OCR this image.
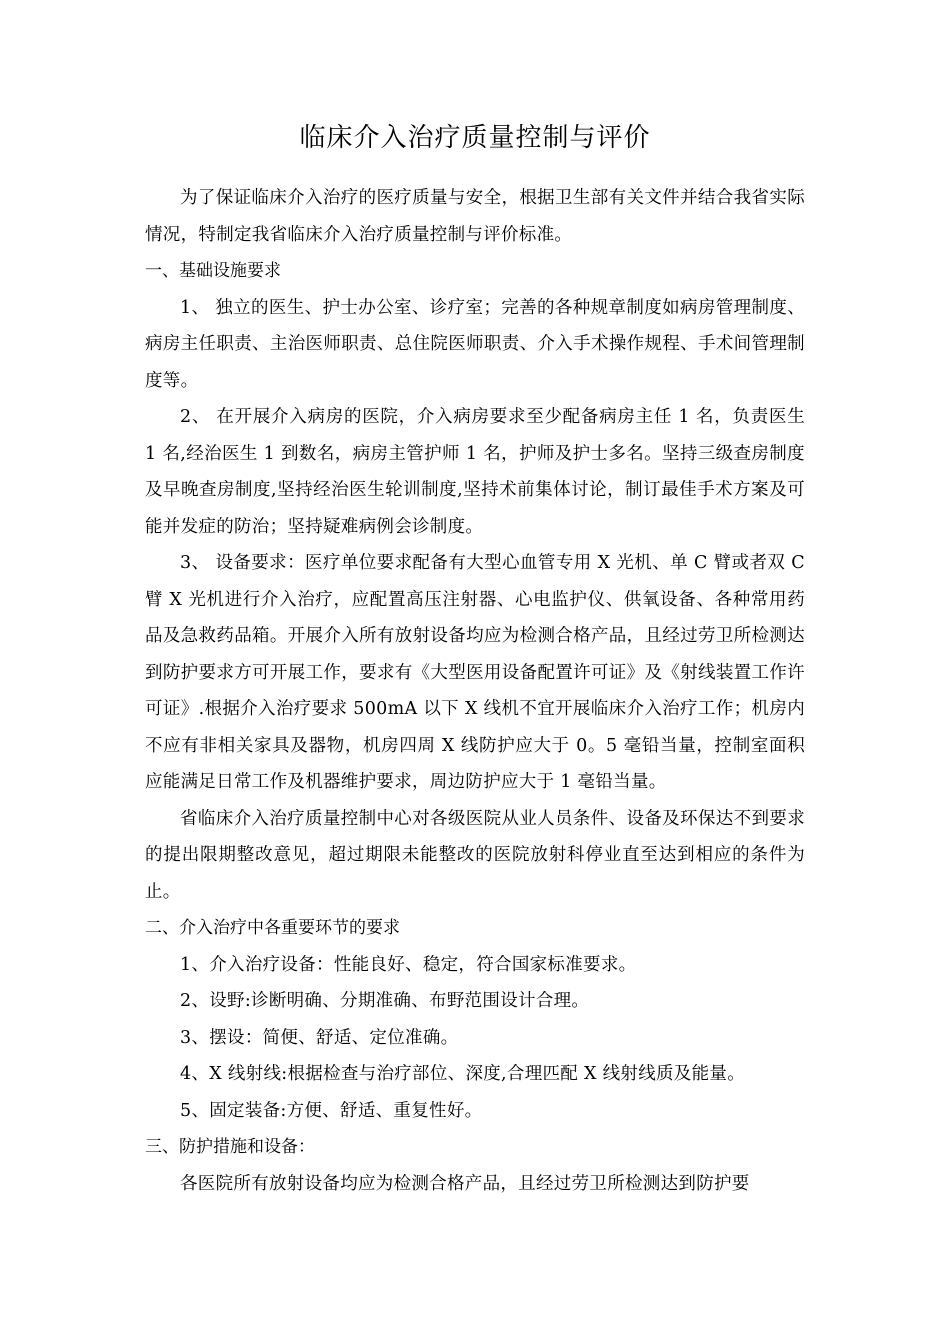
临床介入治疗质量控制与评价

为了保证临床介入治疗的医疗质量与安全，根据卫生部有关文件并结合我省实际情况，特制定我省临床介入治疗质量控制与评价标准。

一、基础设施要求

1、 独立的医生、护士办公室、诊疗室；完善的各种规章制度如病房管理制度、病房主任职责、主治医师职责、总住院医师职责、介入手术操作规程、手术间管理制度等。

2、 在开展介入病房的医院，介入病房要求至少配备病房主任 1 名，负责医生 1 名,经治医生 1 到数名，病房主管护师 1 名，护师及护士多名。坚持三级查房制度及早晚查房制度,坚持经治医生轮训制度,坚持术前集体讨论，制订最佳手术方案及可能并发症的防治；坚持疑难病例会诊制度。

3、 设备要求：医疗单位要求配备有大型心血管专用 X 光机、单 C 臂或者双 C 臂 X 光机进行介入治疗，应配置高压注射器、心电监护仪、供氧设备、各种常用药品及急救药品箱。开展介入所有放射设备均应为检测合格产品，且经过劳卫所检测达到防护要求方可开展工作，要求有《大型医用设备配置许可证》及《射线装置工作许可证》.根据介入治疗要求 500mA 以下 X 线机不宜开展临床介入治疗工作；机房内不应有非相关家具及器物，机房四周 X 线防护应大于 0。5 毫铅当量，控制室面积应能满足日常工作及机器维护要求，周边防护应大于 1 毫铅当量。

省临床介入治疗质量控制中心对各级医院从业人员条件、设备及环保达不到要求的提出限期整改意见，超过期限未能整改的医院放射科停业直至达到相应的条件为止。

二、介入治疗中各重要环节的要求

1、介入治疗设备：性能良好、稳定，符合国家标准要求。

2、设野:诊断明确、分期准确、布野范围设计合理。

3、摆设：简便、舒适、定位准确。

4、X 线射线:根据检查与治疗部位、深度,合理匹配 X 线射线质及能量。

5、固定装备:方便、舒适、重复性好。

三、防护措施和设备：

各医院所有放射设备均应为检测合格产品，且经过劳卫所检测达到防护要
